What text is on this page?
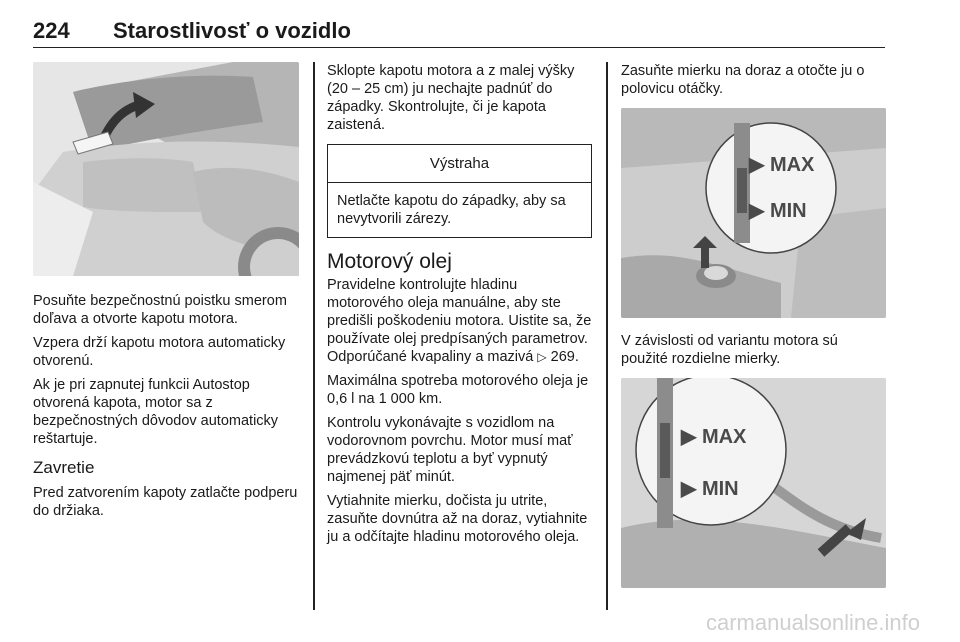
224 Starostlivosť o vozidlo

Posuňte bezpečnostnú poistku smerom doľava a otvorte kapotu motora.

Vzpera drží kapotu motora automaticky otvorenú.

Ak je pri zapnutej funkcii Autostop otvorená kapota, motor sa z bezpečnostných dôvodov automaticky reštartuje.

Zavretie

Pred zatvorením kapoty zatlačte podperu do držiaka.

Sklopte kapotu motora a z malej výšky (20 – 25 cm) ju nechajte padnúť do západky. Skontrolujte, či je kapota zaistená.

Výstraha
Netlačte kapotu do západky, aby sa nevytvorili zárezy.
Motorový olej

Pravidelne kontrolujte hladinu motorového oleja manuálne, aby ste predišli poškodeniu motora. Uistite sa, že používate olej predpísaných parametrov. Odporúčané kvapaliny a mazivá ▷ 269.

Maximálna spotreba motorového oleja je 0,6 l na 1 000 km.

Kontrolu vykonávajte s vozidlom na vodorovnom povrchu. Motor musí mať prevádzkovú teplotu a byť vypnutý najmenej päť minút.

Vytiahnite mierku, dočista ju utrite, zasuňte dovnútra až na doraz, vytiahnite ju a odčítajte hladinu motorového oleja.

Zasuňte mierku na doraz a otočte ju o polovicu otáčky.

▶ MAX
▶ MIN

V závislosti od variantu motora sú použité rozdielne mierky.

▶ MAX
▶ MIN
carmanualsonline.info
